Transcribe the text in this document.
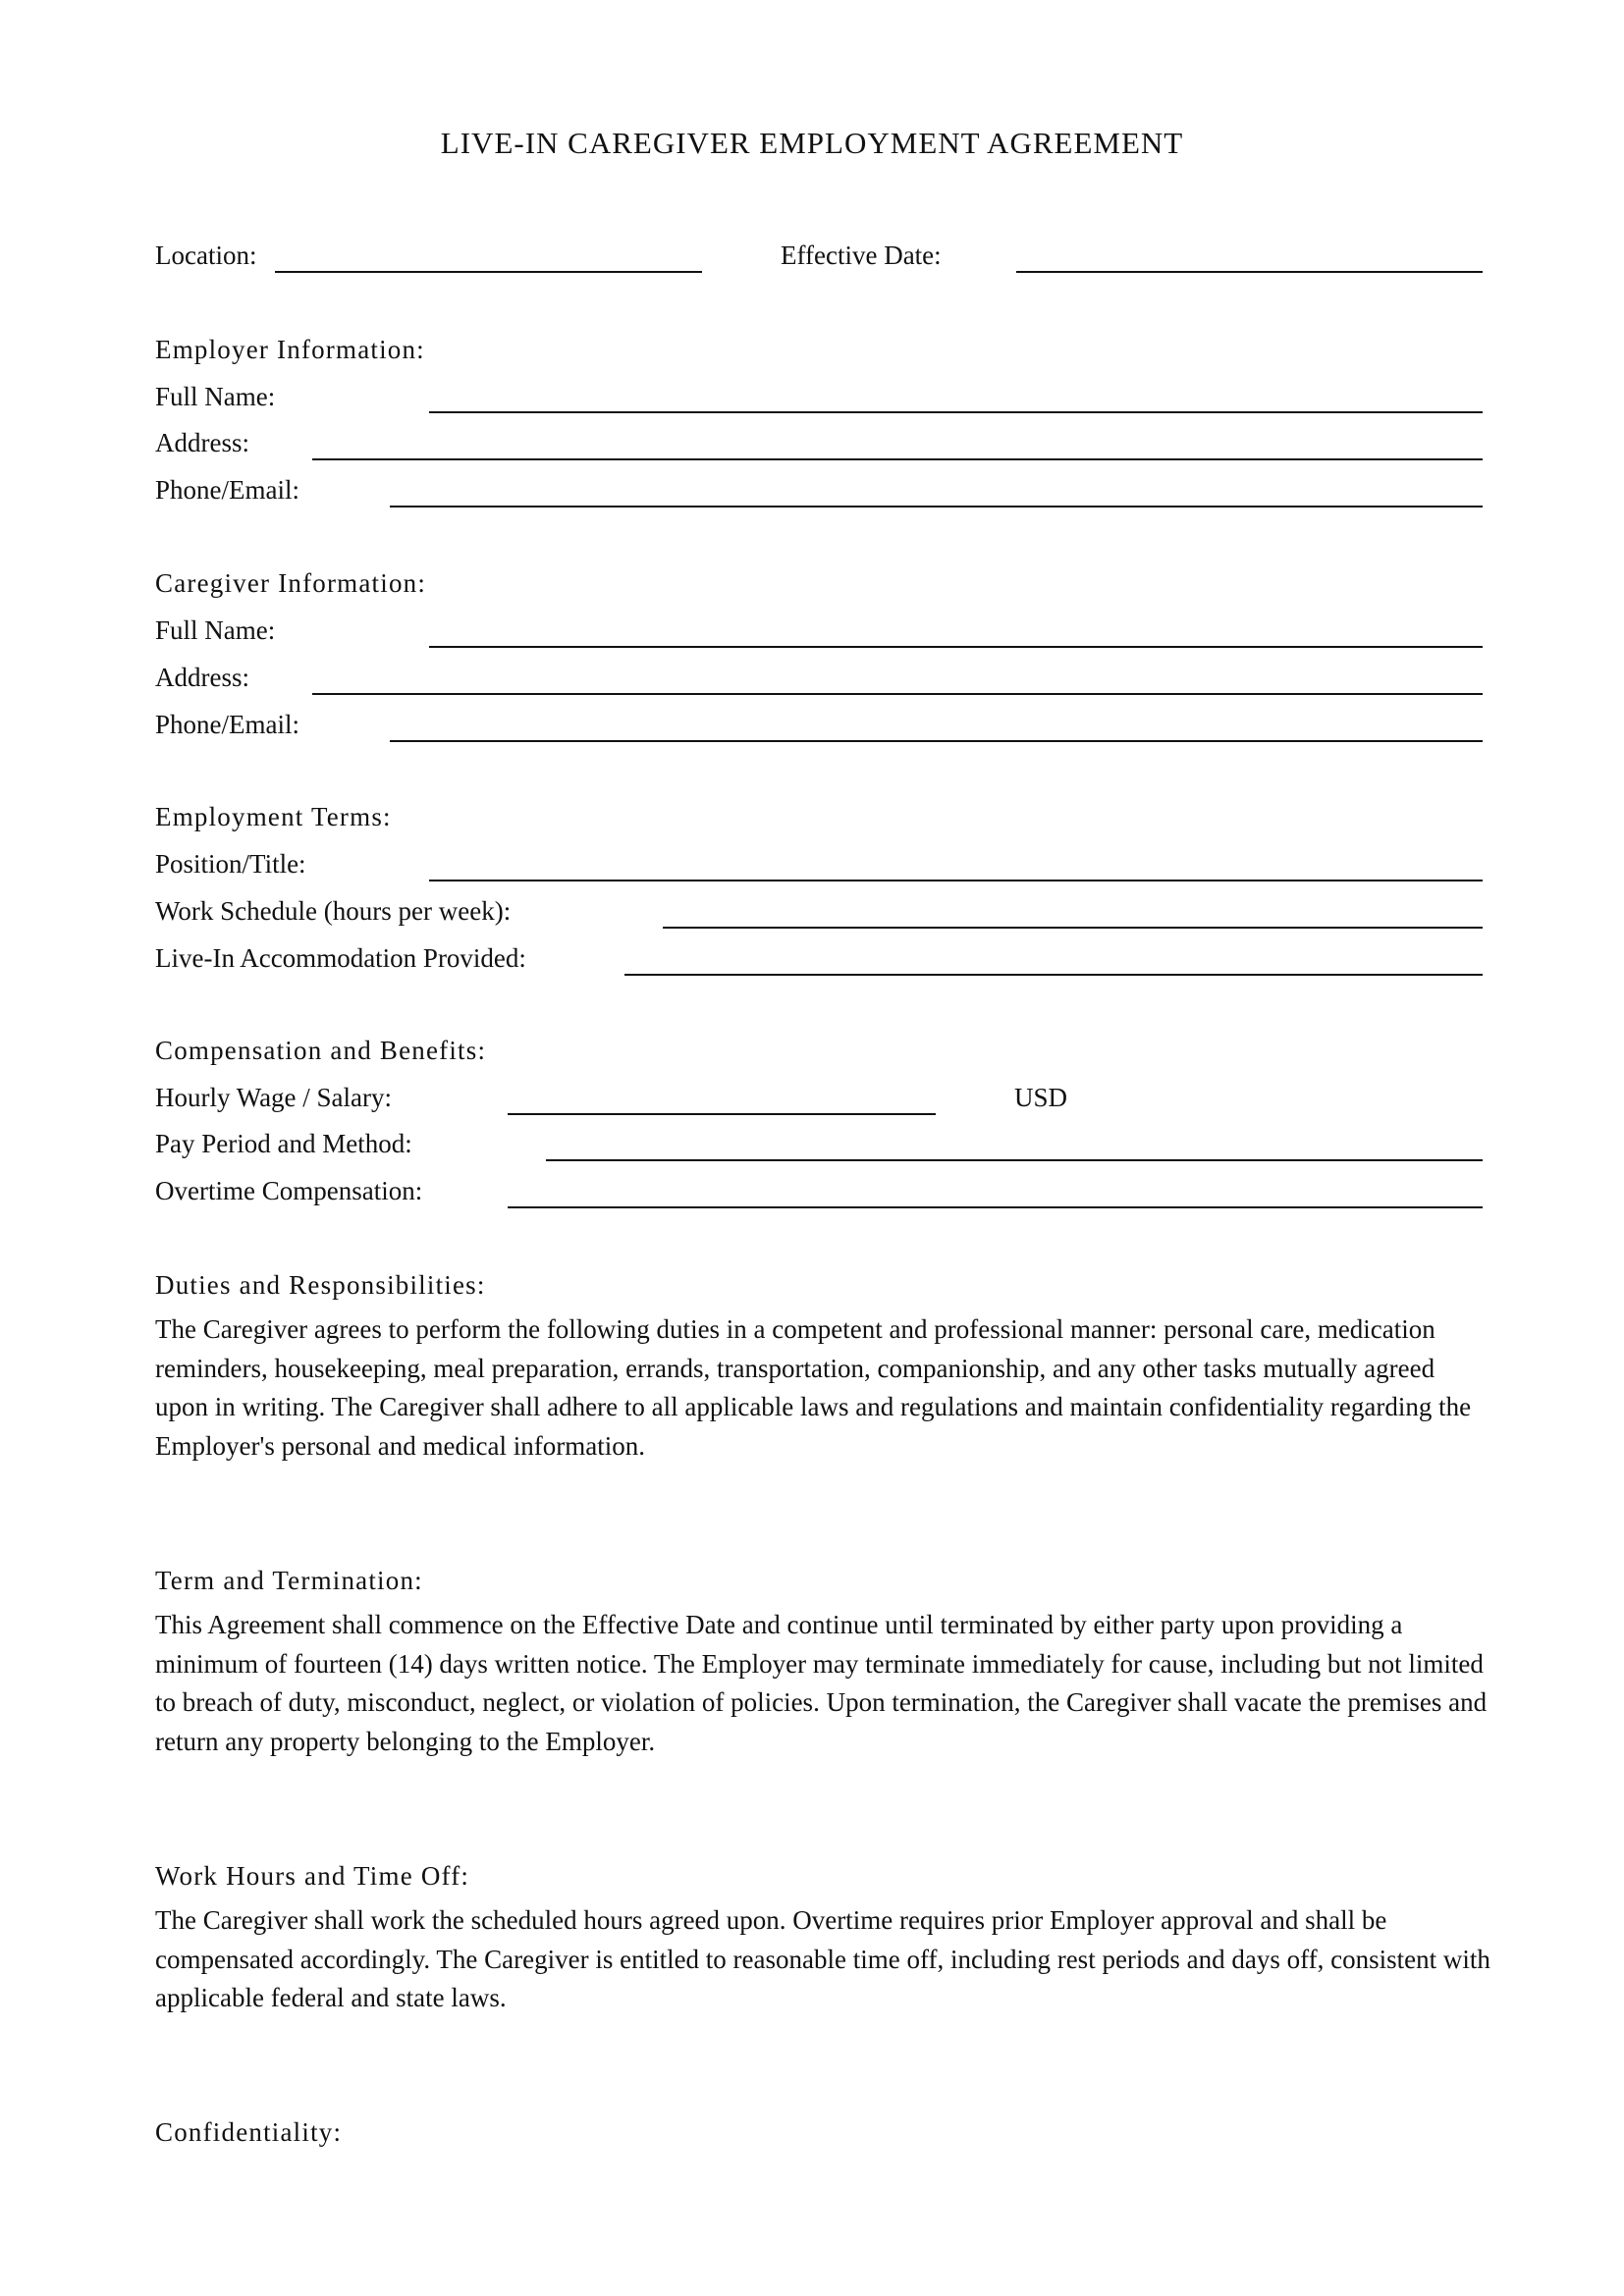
LIVE-IN CAREGIVER EMPLOYMENT AGREEMENT
Location:	Effective Date:
Employer Information:
Full Name:
Address:
Phone/Email:
Caregiver Information:
Full Name:
Address:
Phone/Email:
Employment Terms:
Position/Title:
Work Schedule (hours per week):
Live-In Accommodation Provided:
Compensation and Benefits:
Hourly Wage / Salary:	USD
Pay Period and Method:
Overtime Compensation:
Duties and Responsibilities:
The Caregiver agrees to perform the following duties in a competent and professional manner: personal care, medication reminders, housekeeping, meal preparation, errands, transportation, companionship, and any other tasks mutually agreed upon in writing. The Caregiver shall adhere to all applicable laws and regulations and maintain confidentiality regarding the Employer's personal and medical information.
Term and Termination:
This Agreement shall commence on the Effective Date and continue until terminated by either party upon providing a minimum of fourteen (14) days written notice. The Employer may terminate immediately for cause, including but not limited to breach of duty, misconduct, neglect, or violation of policies. Upon termination, the Caregiver shall vacate the premises and return any property belonging to the Employer.
Work Hours and Time Off:
The Caregiver shall work the scheduled hours agreed upon. Overtime requires prior Employer approval and shall be compensated accordingly. The Caregiver is entitled to reasonable time off, including rest periods and days off, consistent with applicable federal and state laws.
Confidentiality:
